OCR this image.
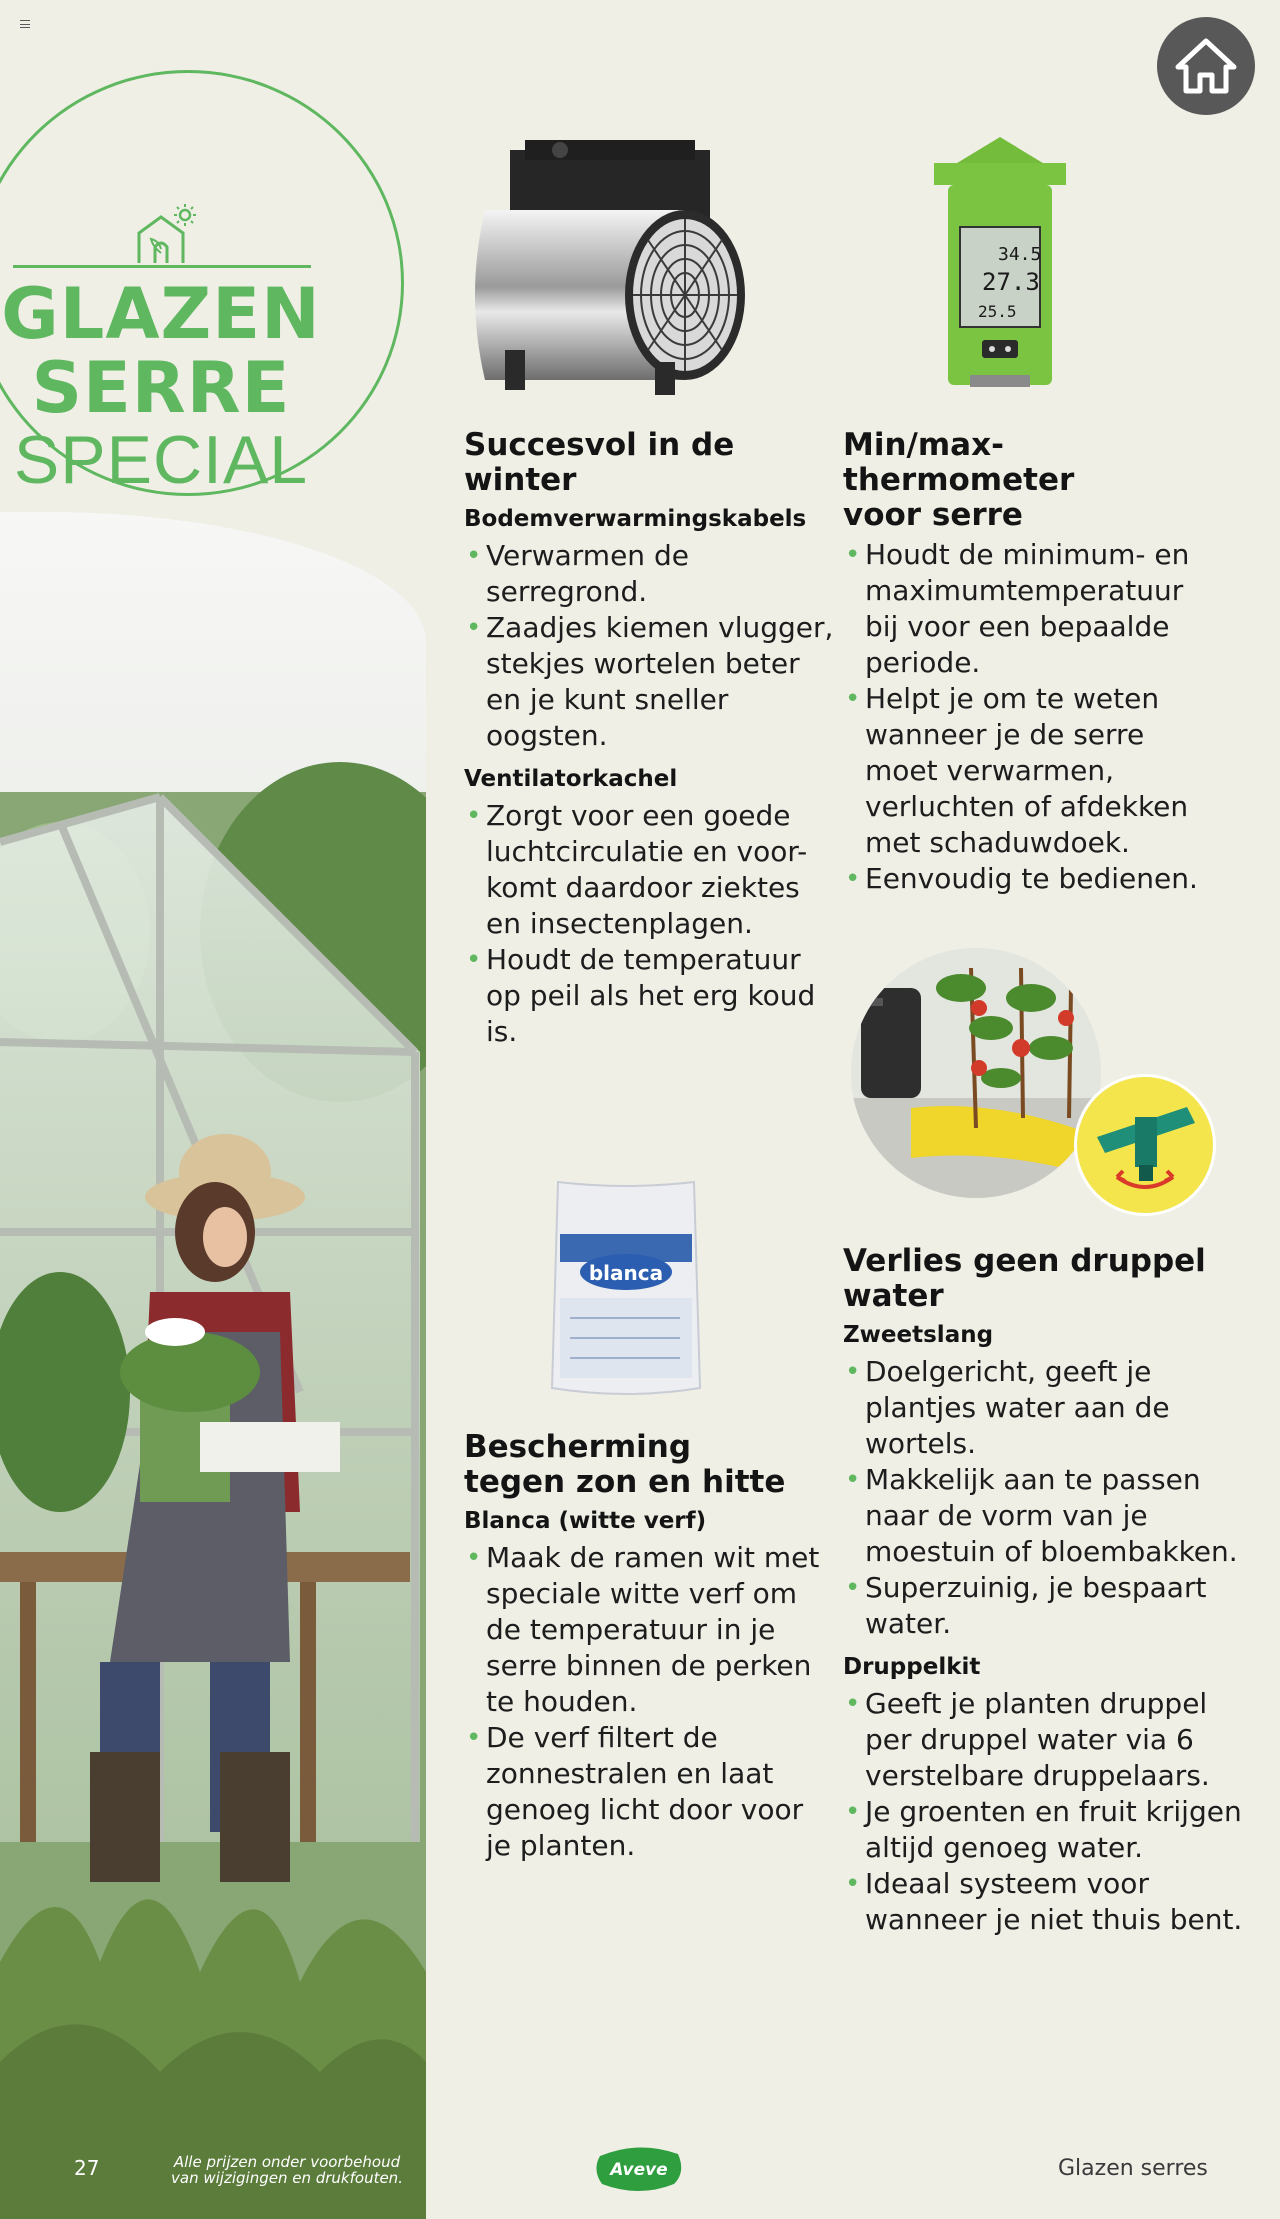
GLAZEN
SERRE
SPECIAL
34.5
27.3
25.5
Succesvol in de
winter
Bodemverwarmingskabels
• Verwarmen de serregrond.
• Zaadjes kiemen vlugger, stekjes wortelen beter en je kunt sneller oogsten.
Ventilatorkachel
• Zorgt voor een goede luchtcirculatie en voor-komt daardoor ziektes en insectenplagen.
• Houdt de temperatuur op peil als het erg koud is.
Min/max-
thermometer
voor serre
• Houdt de minimum- en maximumtemperatuur bij voor een bepaalde periode.
• Helpt je om te weten wanneer je de serre moet verwarmen, verluchten of afdekken met schaduwdoek.
• Eenvoudig te bedienen.
blanca
Bescherming
tegen zon en hitte
Blanca (witte verf)
• Maak de ramen wit met speciale witte verf om de temperatuur in je serre binnen de perken te houden.
• De verf filtert de zonnestralen en laat genoeg licht door voor je planten.
Verlies geen druppel
water
Zweetslang
• Doelgericht, geeft je plantjes water aan de wortels.
• Makkelijk aan te passen naar de vorm van je moestuin of bloembakken.
• Superzuinig, je bespaart water.
Druppelkit
• Geeft je planten druppel per druppel water via 6 verstelbare druppelaars.
• Je groenten en fruit krijgen altijd genoeg water.
• Ideaal systeem voor wanneer je niet thuis bent.
27	Alle prijzen onder voorbehoud
van wijzigingen en drukfouten.	Aveve	Glazen serres
